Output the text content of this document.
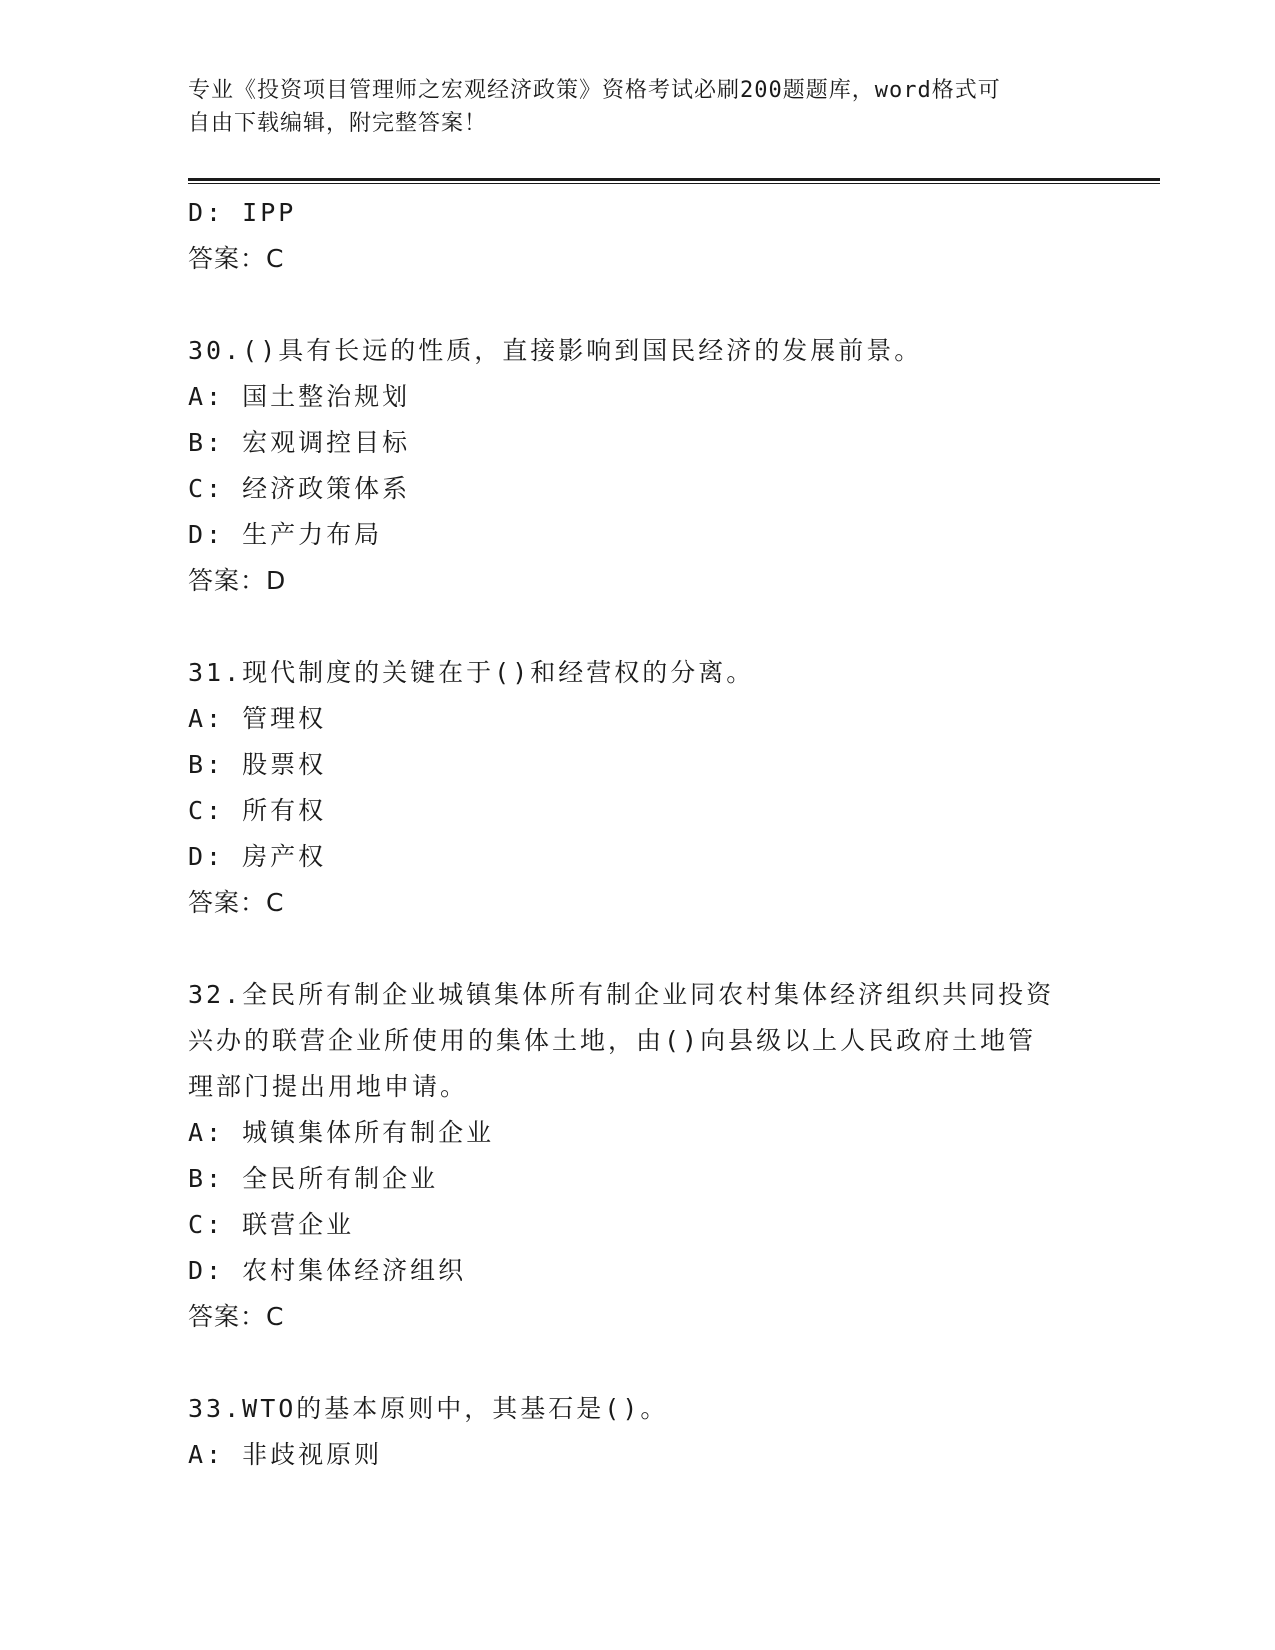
专业《投资项目管理师之宏观经济政策》资格考试必刷200题题库，word格式可
自由下载编辑，附完整答案！
D: IPP
答案：C
30.()具有长远的性质，直接影响到国民经济的发展前景。
A: 国土整治规划
B: 宏观调控目标
C: 经济政策体系
D: 生产力布局
答案：D
31.现代制度的关键在于()和经营权的分离。
A: 管理权
B: 股票权
C: 所有权
D: 房产权
答案：C
32.全民所有制企业城镇集体所有制企业同农村集体经济组织共同投资
兴办的联营企业所使用的集体土地，由()向县级以上人民政府土地管
理部门提出用地申请。
A: 城镇集体所有制企业
B: 全民所有制企业
C: 联营企业
D: 农村集体经济组织
答案：C
33.WTO的基本原则中，其基石是()。
A: 非歧视原则
